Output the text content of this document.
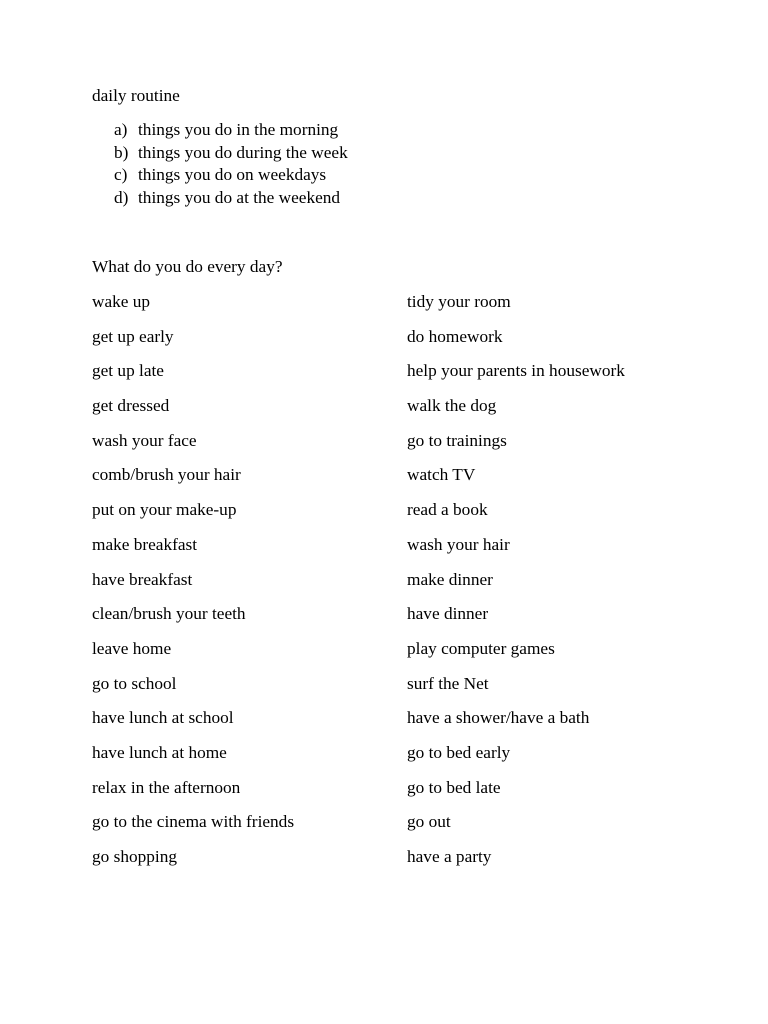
daily routine
a) things you do in the morning
b) things you do during the week
c) things you do on weekdays
d) things you do at the weekend
What do you do every day?
wake up
get up early
get up late
get dressed
wash your face
comb/brush your hair
put on your make-up
make breakfast
have breakfast
clean/brush your teeth
leave home
go to school
have lunch at school
have lunch at home
relax in the afternoon
go to the cinema with friends
go shopping
tidy your room
do homework
help your parents in housework
walk the dog
go to trainings
watch TV
read a book
wash your hair
make dinner
have dinner
play computer games
surf the Net
have a shower/have a bath
go to bed early
go to bed late
go out
have a party
